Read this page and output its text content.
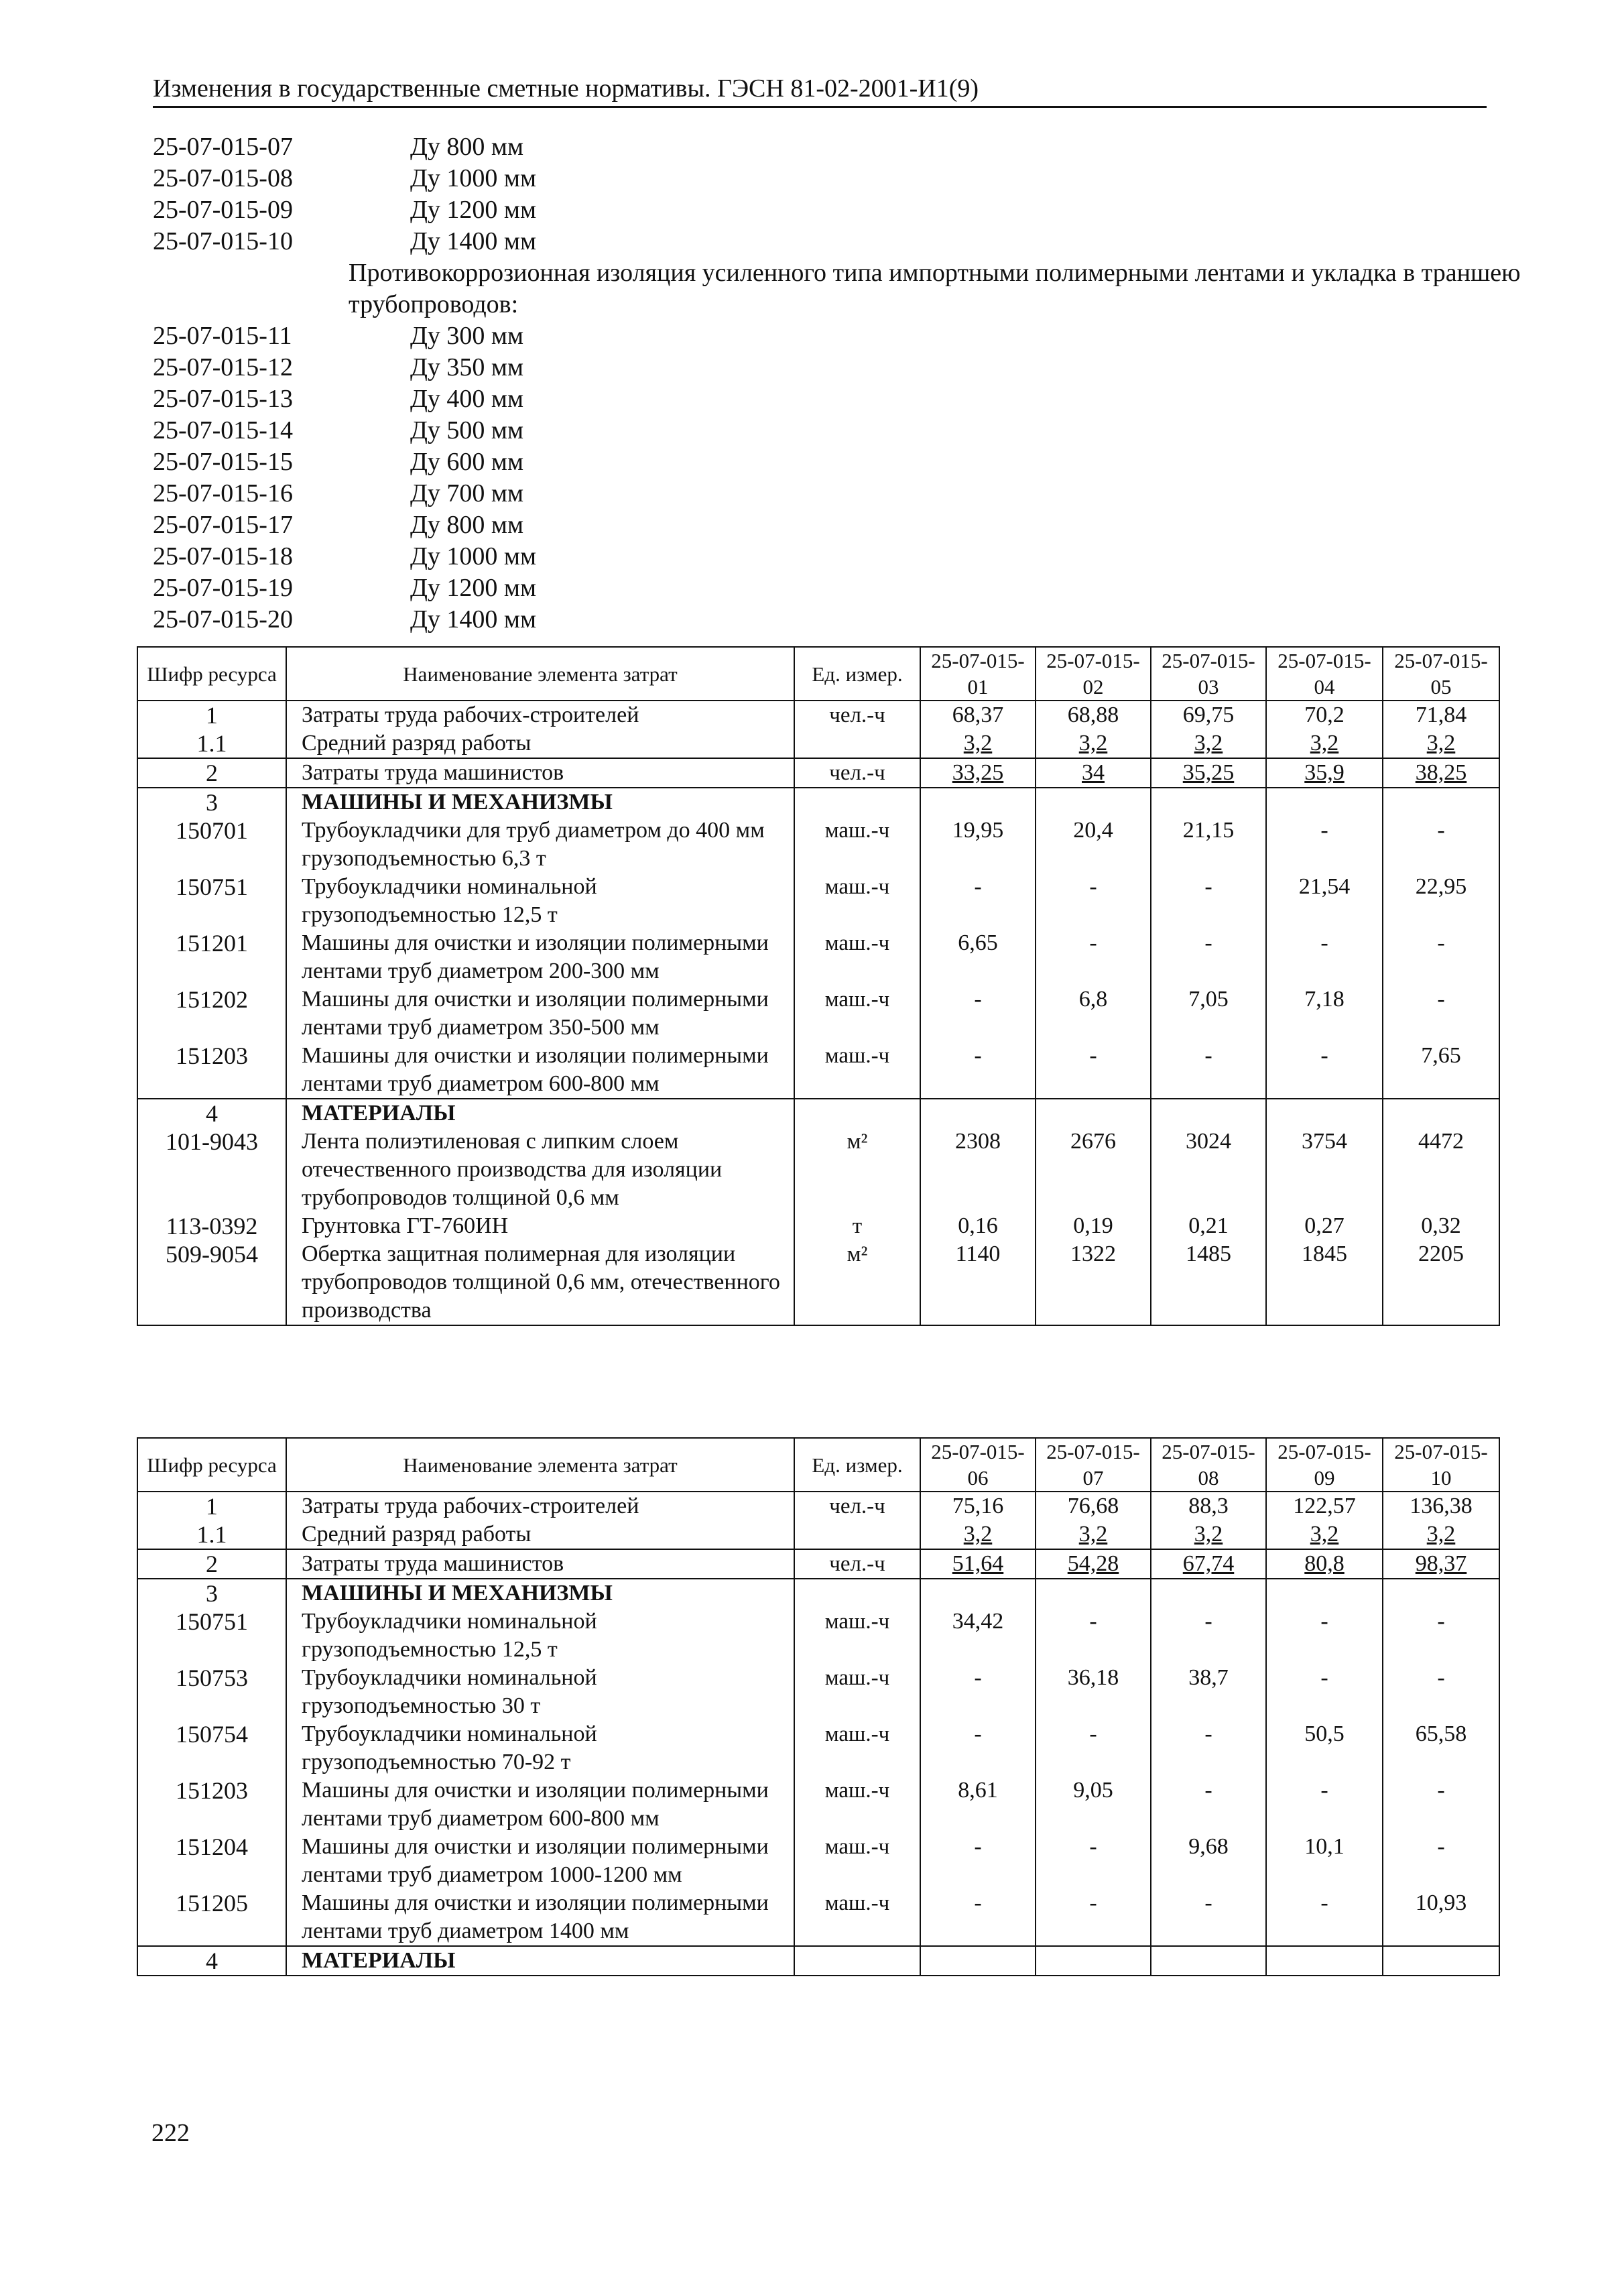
Изменения в государственные сметные нормативы. ГЭСН 81-02-2001-И1(9)
25-07-015-07	Ду 800 мм
25-07-015-08	Ду 1000 мм
25-07-015-09	Ду 1200 мм
25-07-015-10	Ду 1400 мм
Противокоррозионная изоляция усиленного типа импортными полимерными лентами и укладка в траншею трубопроводов:
25-07-015-11	Ду 300 мм
25-07-015-12	Ду 350 мм
25-07-015-13	Ду 400 мм
25-07-015-14	Ду 500 мм
25-07-015-15	Ду 600 мм
25-07-015-16	Ду 700 мм
25-07-015-17	Ду 800 мм
25-07-015-18	Ду 1000 мм
25-07-015-19	Ду 1200 мм
25-07-015-20	Ду 1400 мм
Шифр ресурса	Наименование элемента затрат	Ед. измер.	25-07-015-01	25-07-015-02	25-07-015-03	25-07-015-04	25-07-015-05
1	Затраты труда рабочих-строителей	чел.-ч	68,37	68,88	69,75	70,2	71,84
1.1	Средний разряд работы		3,2	3,2	3,2	3,2	3,2
2	Затраты труда машинистов	чел.-ч	33,25	34	35,25	35,9	38,25
3	МАШИНЫ И МЕХАНИЗМЫ						
150701	Трубоукладчики для труб диаметром до 400 мм грузоподъемностью 6,3 т	маш.-ч	19,95	20,4	21,15	-	-
150751	Трубоукладчики номинальной грузоподъемностью 12,5 т	маш.-ч	-	-	-	21,54	22,95
151201	Машины для очистки и изоляции полимерными лентами труб диаметром 200-300 мм	маш.-ч	6,65	-	-	-	-
151202	Машины для очистки и изоляции полимерными лентами труб диаметром 350-500 мм	маш.-ч	-	6,8	7,05	7,18	-
151203	Машины для очистки и изоляции полимерными лентами труб диаметром 600-800 мм	маш.-ч	-	-	-	-	7,65
4	МАТЕРИАЛЫ						
101-9043	Лента полиэтиленовая с липким слоем отечественного производства для изоляции трубопроводов толщиной 0,6 мм	м²	2308	2676	3024	3754	4472
113-0392	Грунтовка ГТ-760ИН	т	0,16	0,19	0,21	0,27	0,32
509-9054	Обертка защитная полимерная для изоляции трубопроводов толщиной 0,6 мм, отечественного производства	м²	1140	1322	1485	1845	2205
Шифр ресурса	Наименование элемента затрат	Ед. измер.	25-07-015-06	25-07-015-07	25-07-015-08	25-07-015-09	25-07-015-10
1	Затраты труда рабочих-строителей	чел.-ч	75,16	76,68	88,3	122,57	136,38
1.1	Средний разряд работы		3,2	3,2	3,2	3,2	3,2
2	Затраты труда машинистов	чел.-ч	51,64	54,28	67,74	80,8	98,37
3	МАШИНЫ И МЕХАНИЗМЫ						
150751	Трубоукладчики номинальной грузоподъемностью 12,5 т	маш.-ч	34,42	-	-	-	-
150753	Трубоукладчики номинальной грузоподъемностью 30 т	маш.-ч	-	36,18	38,7	-	-
150754	Трубоукладчики номинальной грузоподъемностью 70-92 т	маш.-ч	-	-	-	50,5	65,58
151203	Машины для очистки и изоляции полимерными лентами труб диаметром 600-800 мм	маш.-ч	8,61	9,05	-	-	-
151204	Машины для очистки и изоляции полимерными лентами труб диаметром 1000-1200 мм	маш.-ч	-	-	9,68	10,1	-
151205	Машины для очистки и изоляции полимерными лентами труб диаметром 1400 мм	маш.-ч	-	-	-	-	10,93
4	МАТЕРИАЛЫ						
222
